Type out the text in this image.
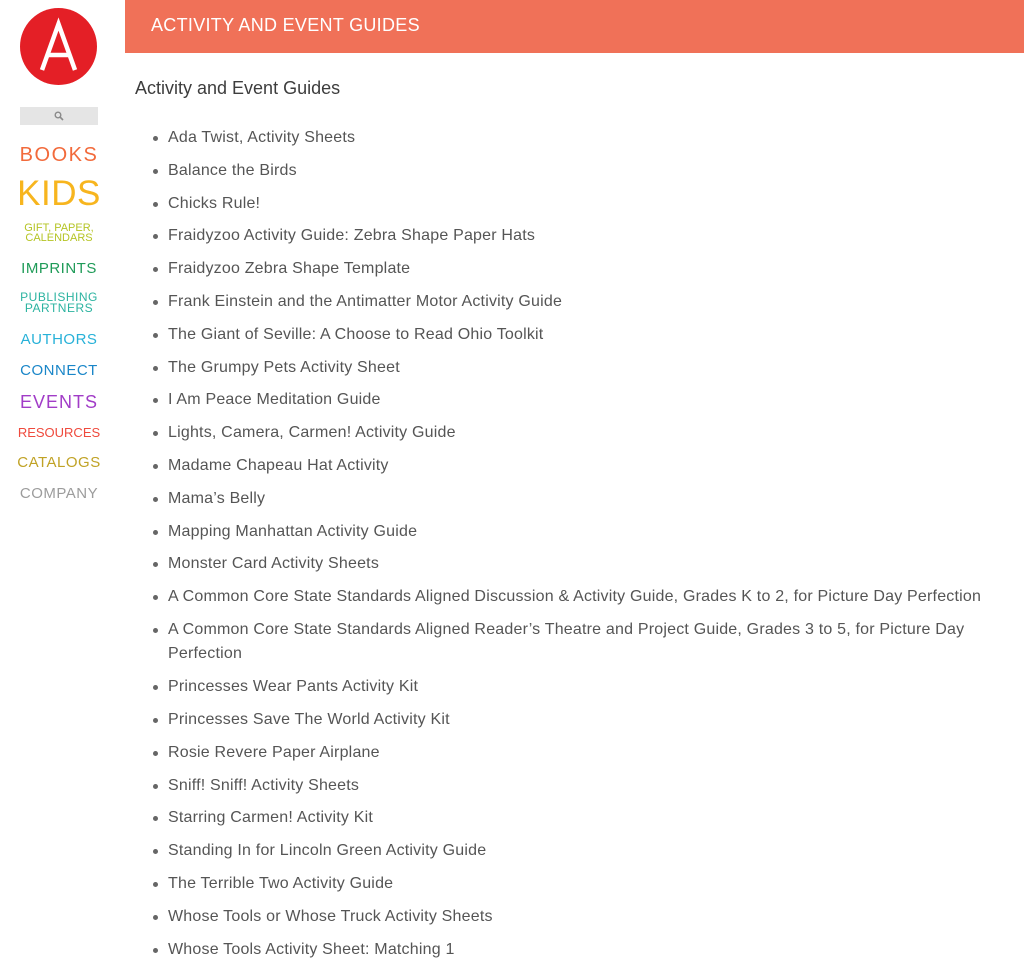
BOOKS
KIDS
GIFT, PAPER,
CALENDARS
IMPRINTS
PUBLISHING
PARTNERS
AUTHORS
CONNECT
EVENTS
RESOURCES
CATALOGS
COMPANY
ACTIVITY AND EVENT GUIDES
Activity and Event Guides
Ada Twist, Activity Sheets
Balance the Birds
Chicks Rule!
Fraidyzoo Activity Guide: Zebra Shape Paper Hats
Fraidyzoo Zebra Shape Template
Frank Einstein and the Antimatter Motor Activity Guide
The Giant of Seville: A Choose to Read Ohio Toolkit
The Grumpy Pets Activity Sheet
I Am Peace Meditation Guide
Lights, Camera, Carmen! Activity Guide
Madame Chapeau Hat Activity
Mama’s Belly
Mapping Manhattan Activity Guide
Monster Card Activity Sheets
A Common Core State Standards Aligned Discussion & Activity Guide, Grades K to 2, for Picture Day Perfection
A Common Core State Standards Aligned Reader’s Theatre and Project Guide, Grades 3 to 5, for Picture Day Perfection
Princesses Wear Pants Activity Kit
Princesses Save The World Activity Kit
Rosie Revere Paper Airplane
Sniff! Sniff! Activity Sheets
Starring Carmen! Activity Kit
Standing In for Lincoln Green Activity Guide
The Terrible Two Activity Guide
Whose Tools or Whose Truck Activity Sheets
Whose Tools Activity Sheet: Matching 1
